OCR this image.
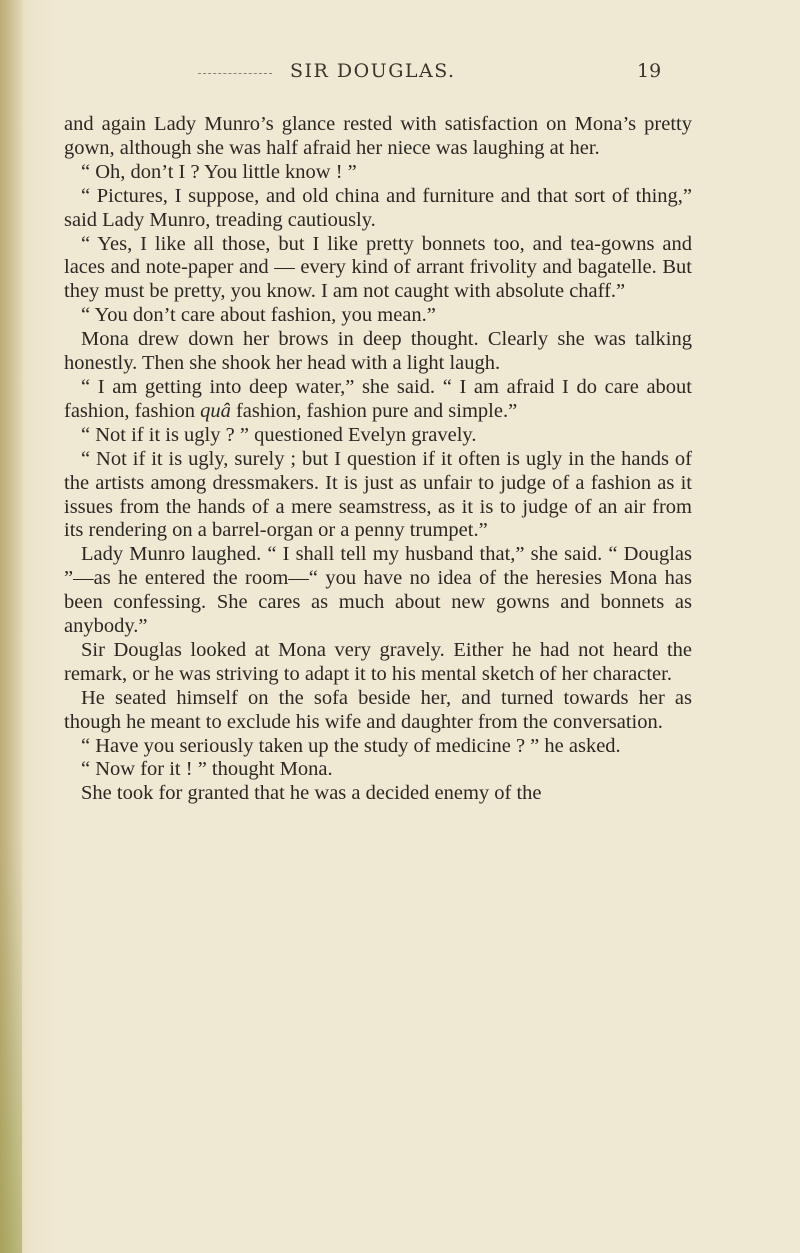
SIR DOUGLAS.	19

and again Lady Munro’s glance rested with satisfaction on Mona’s pretty gown, although she was half afraid her niece was laughing at her.

“ Oh, don’t I ? You little know ! ”

“ Pictures, I suppose, and old china and furniture and that sort of thing,” said Lady Munro, treading cautiously.

“ Yes, I like all those, but I like pretty bonnets too, and tea-gowns and laces and note-paper and — every kind of arrant frivolity and bagatelle. But they must be pretty, you know. I am not caught with absolute chaff.”

“ You don’t care about fashion, you mean.”

Mona drew down her brows in deep thought. Clearly she was talking honestly. Then she shook her head with a light laugh.

“ I am getting into deep water,” she said. “ I am afraid I do care about fashion, fashion quâ fashion, fashion pure and simple.”

“ Not if it is ugly ? ” questioned Evelyn gravely.

“ Not if it is ugly, surely ; but I question if it often is ugly in the hands of the artists among dressmakers. It is just as unfair to judge of a fashion as it issues from the hands of a mere seamstress, as it is to judge of an air from its rendering on a barrel-organ or a penny trumpet.”

Lady Munro laughed. “ I shall tell my husband that,” she said. “ Douglas ”—as he entered the room—“ you have no idea of the heresies Mona has been confessing. She cares as much about new gowns and bonnets as anybody.”

Sir Douglas looked at Mona very gravely. Either he had not heard the remark, or he was striving to adapt it to his mental sketch of her character.

He seated himself on the sofa beside her, and turned towards her as though he meant to exclude his wife and daughter from the conversation.

“ Have you seriously taken up the study of medicine ? ” he asked.

“ Now for it ! ” thought Mona.

She took for granted that he was a decided enemy of the
